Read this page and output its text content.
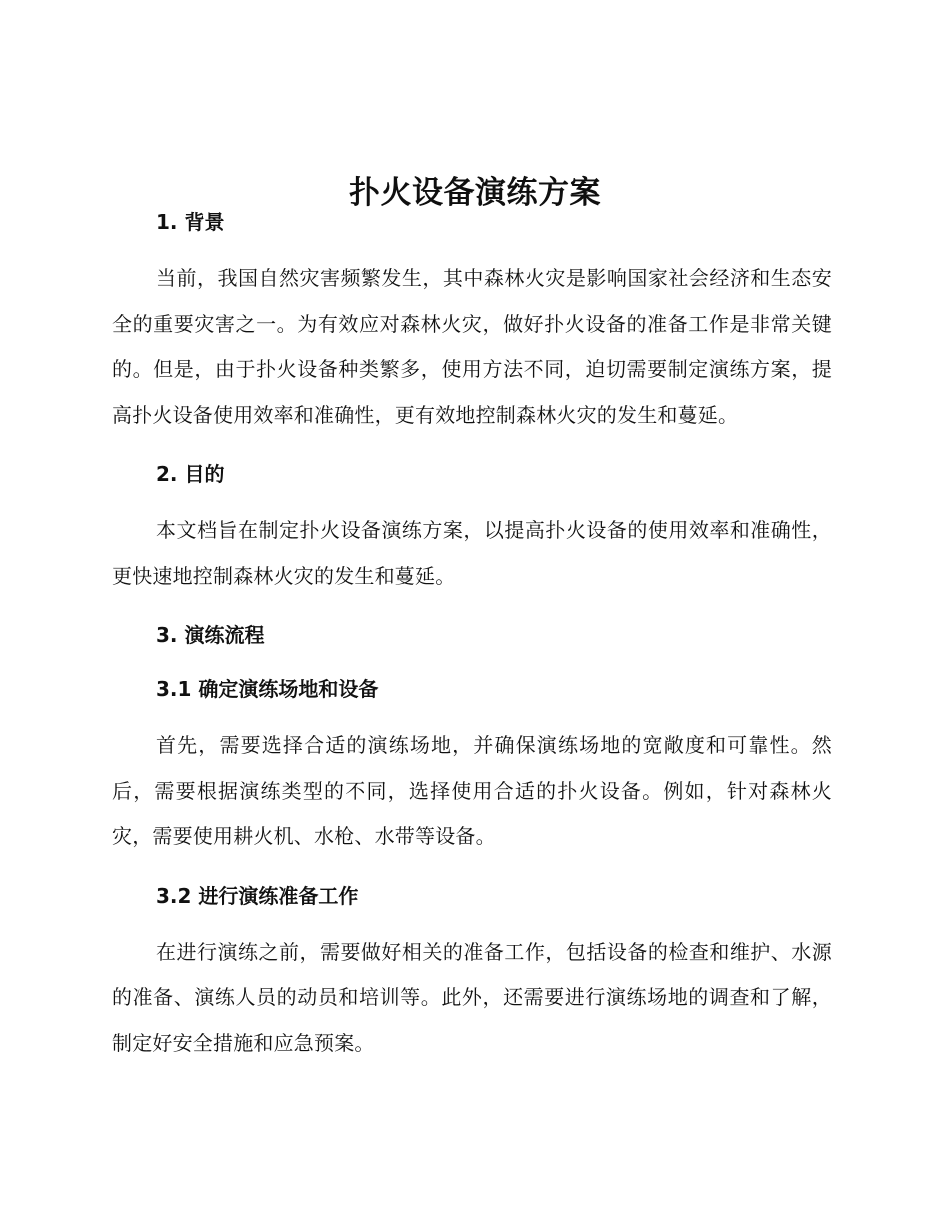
扑火设备演练方案
1. 背景

当前，我国自然灾害频繁发生，其中森林火灾是影响国家社会经济和生态安全的重要灾害之一。为有效应对森林火灾，做好扑火设备的准备工作是非常关键的。但是，由于扑火设备种类繁多，使用方法不同，迫切需要制定演练方案，提高扑火设备使用效率和准确性，更有效地控制森林火灾的发生和蔓延。

2. 目的

本文档旨在制定扑火设备演练方案，以提高扑火设备的使用效率和准确性，更快速地控制森林火灾的发生和蔓延。

3. 演练流程
3.1 确定演练场地和设备

首先，需要选择合适的演练场地，并确保演练场地的宽敞度和可靠性。然后，需要根据演练类型的不同，选择使用合适的扑火设备。例如，针对森林火灾，需要使用耕火机、水枪、水带等设备。

3.2 进行演练准备工作

在进行演练之前，需要做好相关的准备工作，包括设备的检查和维护、水源的准备、演练人员的动员和培训等。此外，还需要进行演练场地的调查和了解，制定好安全措施和应急预案。
